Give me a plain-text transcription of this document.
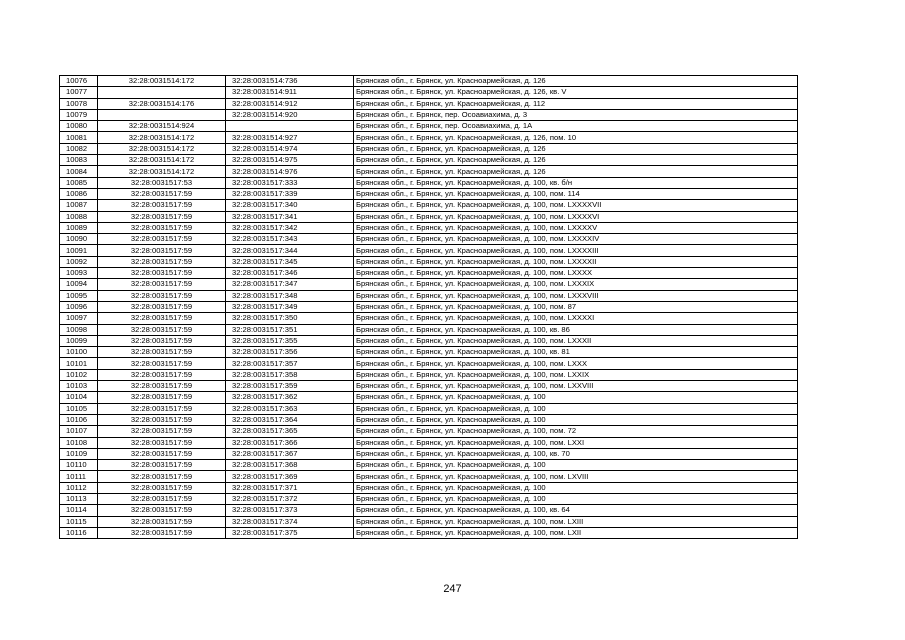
10076	32:28:0031514:172	32:28:0031514:736	Брянская обл., г. Брянск, ул. Красноармейская, д. 126
10077		32:28:0031514:911	Брянская обл., г. Брянск, ул. Красноармейская, д. 126, кв. V
10078	32:28:0031514:176	32:28:0031514:912	Брянская обл., г. Брянск, ул. Красноармейская, д. 112
10079		32:28:0031514:920	Брянская обл., г. Брянск, пер. Осоавиахима, д. 3
10080	32:28:0031514:924		Брянская обл., г. Брянск, пер. Осоавиахима, д. 1А
10081	32:28:0031514:172	32:28:0031514:927	Брянская обл., г. Брянск, ул. Красноармейская, д. 126, пом. 10
10082	32:28:0031514:172	32:28:0031514:974	Брянская обл., г. Брянск, ул. Красноармейская, д. 126
10083	32:28:0031514:172	32:28:0031514:975	Брянская обл., г. Брянск, ул. Красноармейская, д. 126
10084	32:28:0031514:172	32:28:0031514:976	Брянская обл., г. Брянск, ул. Красноармейская, д. 126
10085	32:28:0031517:53	32:28:0031517:333	Брянская обл., г. Брянск, ул. Красноармейская, д. 100, кв. б/н
10086	32:28:0031517:59	32:28:0031517:339	Брянская обл., г. Брянск, ул. Красноармейская, д. 100, пом. 114
10087	32:28:0031517:59	32:28:0031517:340	Брянская обл., г. Брянск, ул. Красноармейская, д. 100, пом. LXXXXVII
10088	32:28:0031517:59	32:28:0031517:341	Брянская обл., г. Брянск, ул. Красноармейская, д. 100, пом. LXXXXVI
10089	32:28:0031517:59	32:28:0031517:342	Брянская обл., г. Брянск, ул. Красноармейская, д. 100, пом. LXXXXV
10090	32:28:0031517:59	32:28:0031517:343	Брянская обл., г. Брянск, ул. Красноармейская, д. 100, пом. LXXXXIV
10091	32:28:0031517:59	32:28:0031517:344	Брянская обл., г. Брянск, ул. Красноармейская, д. 100, пом. LXXXXIII
10092	32:28:0031517:59	32:28:0031517:345	Брянская обл., г. Брянск, ул. Красноармейская, д. 100, пом. LXXXXII
10093	32:28:0031517:59	32:28:0031517:346	Брянская обл., г. Брянск, ул. Красноармейская, д. 100, пом. LXXXX
10094	32:28:0031517:59	32:28:0031517:347	Брянская обл., г. Брянск, ул. Красноармейская, д. 100, пом. LXXXIX
10095	32:28:0031517:59	32:28:0031517:348	Брянская обл., г. Брянск, ул. Красноармейская, д. 100, пом. LXXXVIII
10096	32:28:0031517:59	32:28:0031517:349	Брянская обл., г. Брянск, ул. Красноармейская, д. 100, пом. 87
10097	32:28:0031517:59	32:28:0031517:350	Брянская обл., г. Брянск, ул. Красноармейская, д. 100, пом. LXXXXI
10098	32:28:0031517:59	32:28:0031517:351	Брянская обл., г. Брянск, ул. Красноармейская, д. 100, кв. 86
10099	32:28:0031517:59	32:28:0031517:355	Брянская обл., г. Брянск, ул. Красноармейская, д. 100, пом. LXXXII
10100	32:28:0031517:59	32:28:0031517:356	Брянская обл., г. Брянск, ул. Красноармейская, д. 100, кв. 81
10101	32:28:0031517:59	32:28:0031517:357	Брянская обл., г. Брянск, ул. Красноармейская, д. 100, пом. LXXX
10102	32:28:0031517:59	32:28:0031517:358	Брянская обл., г. Брянск, ул. Красноармейская, д. 100, пом. LXXIX
10103	32:28:0031517:59	32:28:0031517:359	Брянская обл., г. Брянск, ул. Красноармейская, д. 100, пом. LXXVIII
10104	32:28:0031517:59	32:28:0031517:362	Брянская обл., г. Брянск, ул. Красноармейская, д. 100
10105	32:28:0031517:59	32:28:0031517:363	Брянская обл., г. Брянск, ул. Красноармейская, д. 100
10106	32:28:0031517:59	32:28:0031517:364	Брянская обл., г. Брянск, ул. Красноармейская, д. 100
10107	32:28:0031517:59	32:28:0031517:365	Брянская обл., г. Брянск, ул. Красноармейская, д. 100, пом. 72
10108	32:28:0031517:59	32:28:0031517:366	Брянская обл., г. Брянск, ул. Красноармейская, д. 100, пом. LXXI
10109	32:28:0031517:59	32:28:0031517:367	Брянская обл., г. Брянск, ул. Красноармейская, д. 100, кв. 70
10110	32:28:0031517:59	32:28:0031517:368	Брянская обл., г. Брянск, ул. Красноармейская, д. 100
10111	32:28:0031517:59	32:28:0031517:369	Брянская обл., г. Брянск, ул. Красноармейская, д. 100, пом. LXVIII
10112	32:28:0031517:59	32:28:0031517:371	Брянская обл., г. Брянск, ул. Красноармейская, д. 100
10113	32:28:0031517:59	32:28:0031517:372	Брянская обл., г. Брянск, ул. Красноармейская, д. 100
10114	32:28:0031517:59	32:28:0031517:373	Брянская обл., г. Брянск, ул. Красноармейская, д. 100, кв. 64
10115	32:28:0031517:59	32:28:0031517:374	Брянская обл., г. Брянск, ул. Красноармейская, д. 100, пом. LXIII
10116	32:28:0031517:59	32:28:0031517:375	Брянская обл., г. Брянск, ул. Красноармейская, д. 100, пом. LXII
247
